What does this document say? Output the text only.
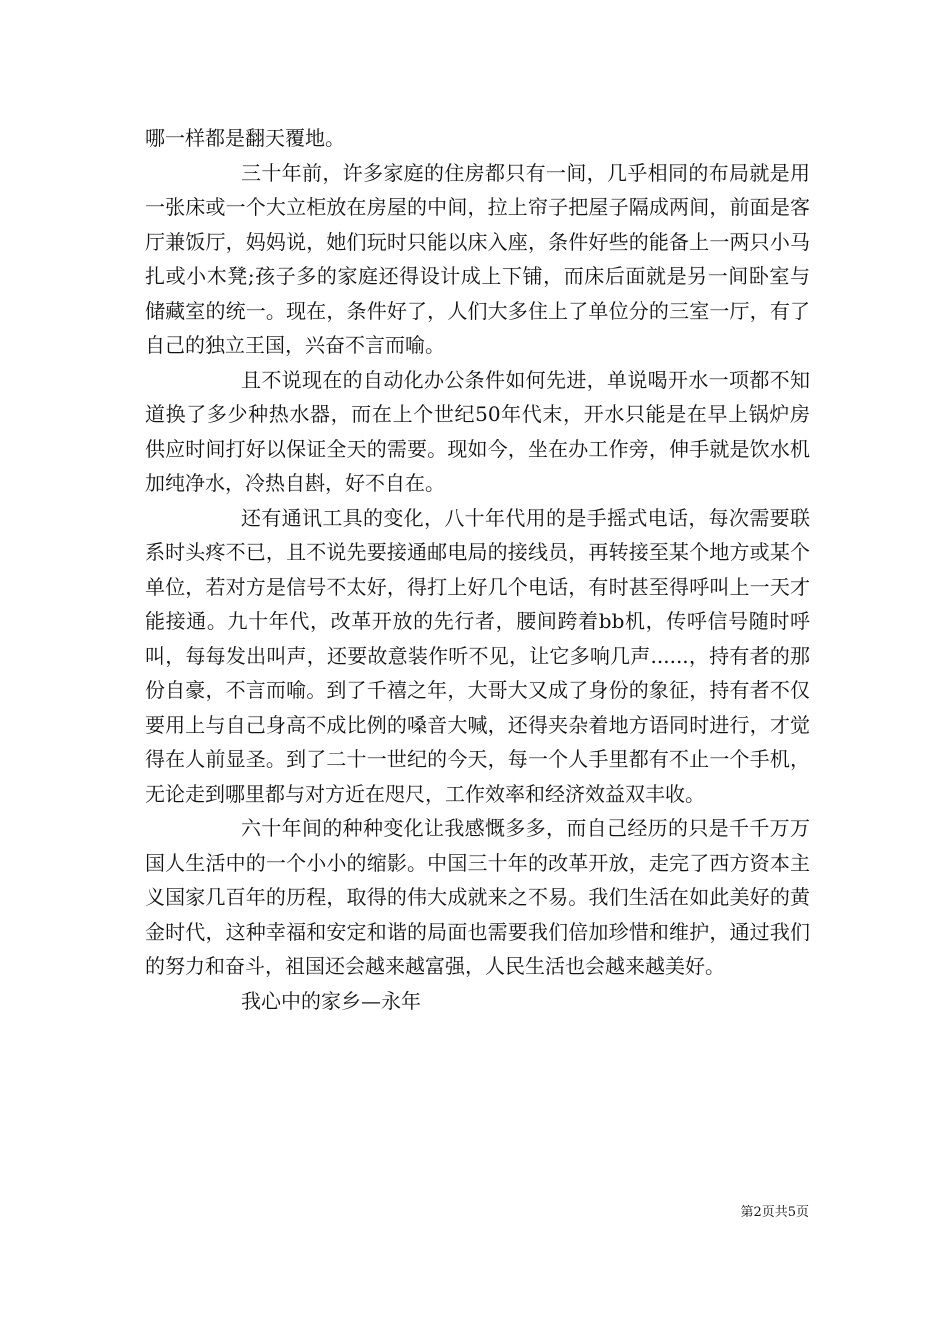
哪一样都是翻天覆地。

三十年前，许多家庭的住房都只有一间，几乎相同的布局就是用一张床或一个大立柜放在房屋的中间，拉上帘子把屋子隔成两间，前面是客厅兼饭厅，妈妈说，她们玩时只能以床入座，条件好些的能备上一两只小马扎或小木凳;孩子多的家庭还得设计成上下铺，而床后面就是另一间卧室与储藏室的统一。现在，条件好了，人们大多住上了单位分的三室一厅，有了自己的独立王国，兴奋不言而喻。

且不说现在的自动化办公条件如何先进，单说喝开水一项都不知道换了多少种热水器，而在上个世纪50年代末，开水只能是在早上锅炉房供应时间打好以保证全天的需要。现如今，坐在办工作旁，伸手就是饮水机加纯净水，冷热自斟，好不自在。

还有通讯工具的变化，八十年代用的是手摇式电话，每次需要联系时头疼不已，且不说先要接通邮电局的接线员，再转接至某个地方或某个单位，若对方是信号不太好，得打上好几个电话，有时甚至得呼叫上一天才能接通。九十年代，改革开放的先行者，腰间跨着bb机，传呼信号随时呼叫，每每发出叫声，还要故意装作听不见，让它多响几声......，持有者的那份自豪，不言而喻。到了千禧之年，大哥大又成了身份的象征，持有者不仅要用上与自己身高不成比例的嗓音大喊，还得夹杂着地方语同时进行，才觉得在人前显圣。到了二十一世纪的今天，每一个人手里都有不止一个手机，无论走到哪里都与对方近在咫尺，工作效率和经济效益双丰收。

六十年间的种种变化让我感慨多多，而自己经历的只是千千万万国人生活中的一个小小的缩影。中国三十年的改革开放，走完了西方资本主义国家几百年的历程，取得的伟大成就来之不易。我们生活在如此美好的黄金时代，这种幸福和安定和谐的局面也需要我们倍加珍惜和维护，通过我们的努力和奋斗，祖国还会越来越富强，人民生活也会越来越美好。

我心中的家乡—永年

第2页共5页
